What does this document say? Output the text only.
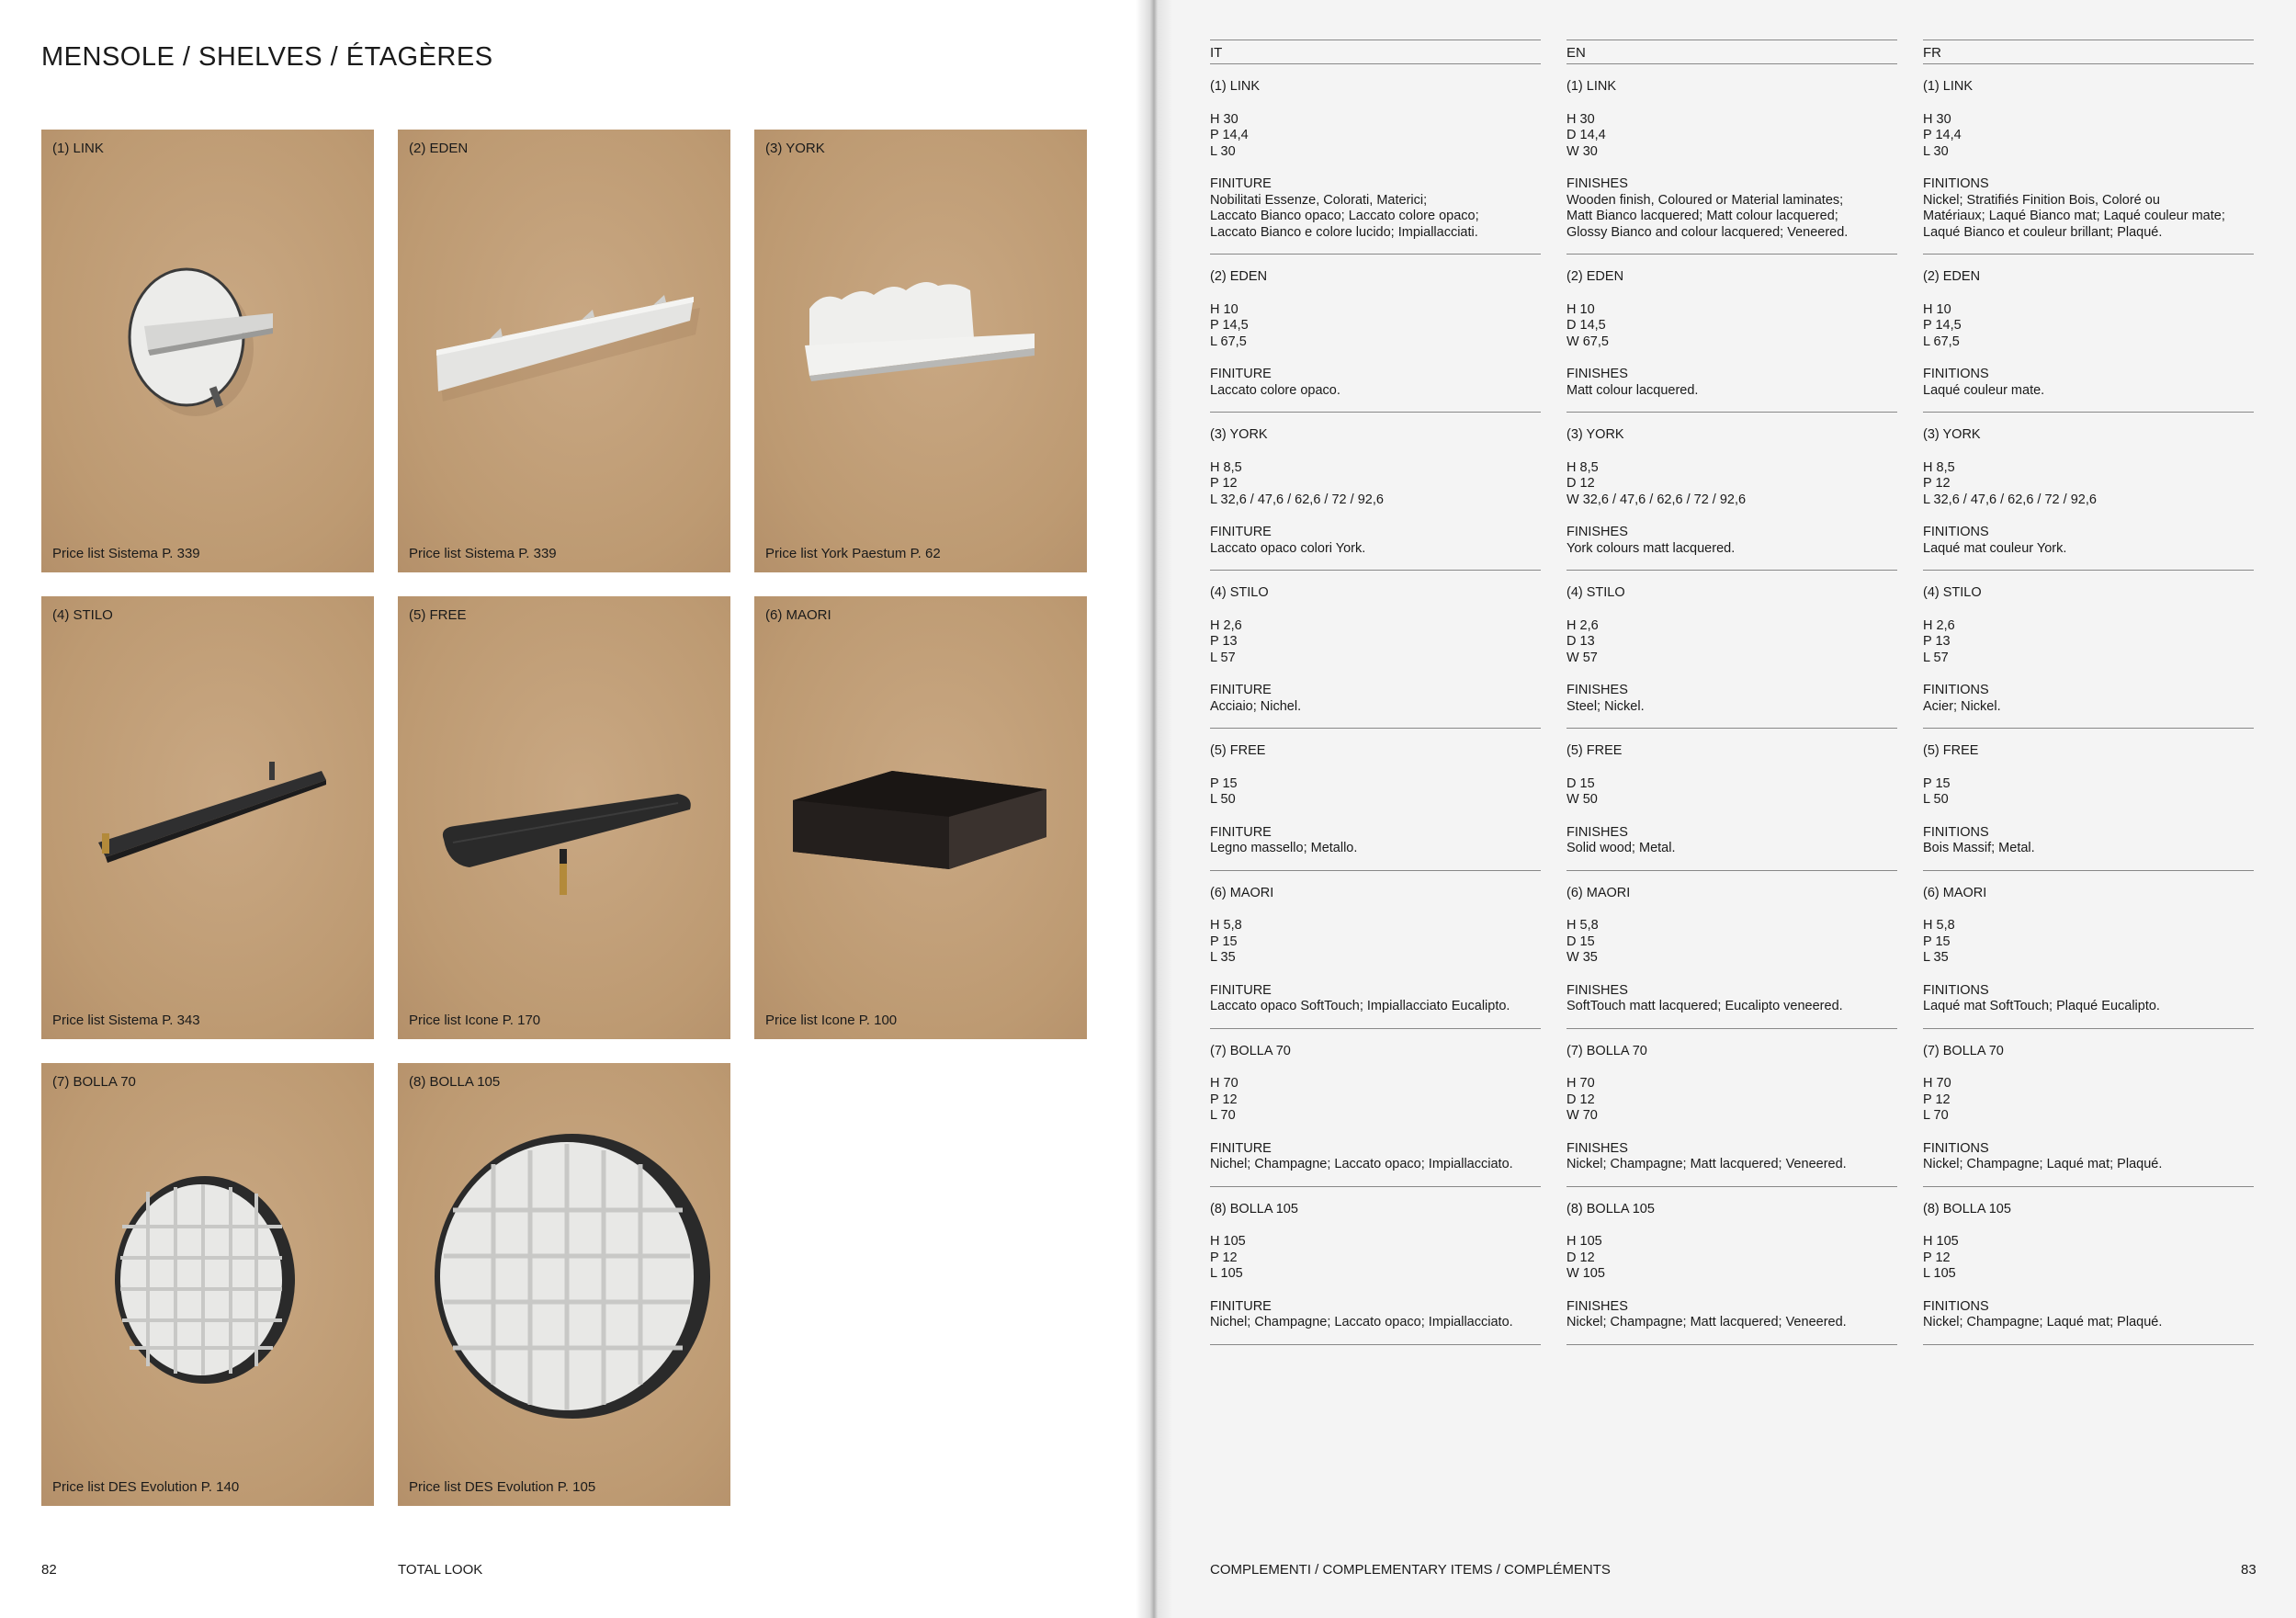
MENSOLE / SHELVES / ÉTAGÈRES
(1) LINK
Price list Sistema P. 339
(2) EDEN
Price list Sistema P. 339
(3) YORK
Price list York Paestum P. 62
(4) STILO
Price list Sistema P. 343
(5) FREE
Price list Icone P. 170
(6) MAORI
Price list Icone P. 100
(7) BOLLA 70
Price list DES Evolution P. 140
(8) BOLLA 105
Price list DES Evolution P. 105
82	TOTAL LOOK
IT
(1) LINK
H 30
P 14,4
L 30
FINITURE
Nobilitati Essenze, Colorati, Materici;
Laccato Bianco opaco; Laccato colore opaco;
Laccato Bianco e colore lucido; Impiallacciati.
(2) EDEN
H 10
P 14,5
L 67,5
FINITURE
Laccato colore opaco.
(3) YORK
H 8,5
P 12
L 32,6 / 47,6 / 62,6 / 72 / 92,6
FINITURE
Laccato opaco colori York.
(4) STILO
H 2,6
P 13
L 57
FINITURE
Acciaio; Nichel.
(5) FREE
P 15
L 50
FINITURE
Legno massello; Metallo.
(6) MAORI
H 5,8
P 15
L 35
FINITURE
Laccato opaco SoftTouch; Impiallacciato Eucalipto.
(7) BOLLA 70
H 70
P 12
L 70
FINITURE
Nichel; Champagne; Laccato opaco; Impiallacciato.
(8) BOLLA 105
H 105
P 12
L 105
FINITURE
Nichel; Champagne; Laccato opaco; Impiallacciato.
EN
(1) LINK
H 30
D 14,4
W 30
FINISHES
Wooden finish, Coloured or Material laminates;
Matt Bianco lacquered; Matt colour lacquered;
Glossy Bianco and colour lacquered; Veneered.
(2) EDEN
H 10
D 14,5
W 67,5
FINISHES
Matt colour lacquered.
(3) YORK
H 8,5
D 12
W 32,6 / 47,6 / 62,6 / 72 / 92,6
FINISHES
York colours matt lacquered.
(4) STILO
H 2,6
D 13
W 57
FINISHES
Steel; Nickel.
(5) FREE
D 15
W 50
FINISHES
Solid wood; Metal.
(6) MAORI
H 5,8
D 15
W 35
FINISHES
SoftTouch matt lacquered; Eucalipto veneered.
(7) BOLLA 70
H 70
D 12
W 70
FINISHES
Nickel; Champagne; Matt lacquered; Veneered.
(8) BOLLA 105
H 105
D 12
W 105
FINISHES
Nickel; Champagne; Matt lacquered; Veneered.
FR
(1) LINK
H 30
P 14,4
L 30
FINITIONS
Nickel; Stratifiés Finition Bois, Coloré ou
Matériaux; Laqué Bianco mat; Laqué couleur mate;
Laqué Bianco et couleur brillant; Plaqué.
(2) EDEN
H 10
P 14,5
L 67,5
FINITIONS
Laqué couleur mate.
(3) YORK
H 8,5
P 12
L 32,6 / 47,6 / 62,6 / 72 / 92,6
FINITIONS
Laqué mat couleur York.
(4) STILO
H 2,6
P 13
L 57
FINITIONS
Acier; Nickel.
(5) FREE
P 15
L 50
FINITIONS
Bois Massif; Metal.
(6) MAORI
H 5,8
P 15
L 35
FINITIONS
Laqué mat SoftTouch; Plaqué Eucalipto.
(7) BOLLA 70
H 70
P 12
L 70
FINITIONS
Nickel; Champagne; Laqué mat; Plaqué.
(8) BOLLA 105
H 105
P 12
L 105
FINITIONS
Nickel; Champagne; Laqué mat; Plaqué.
COMPLEMENTI / COMPLEMENTARY ITEMS / COMPLÉMENTS	83
